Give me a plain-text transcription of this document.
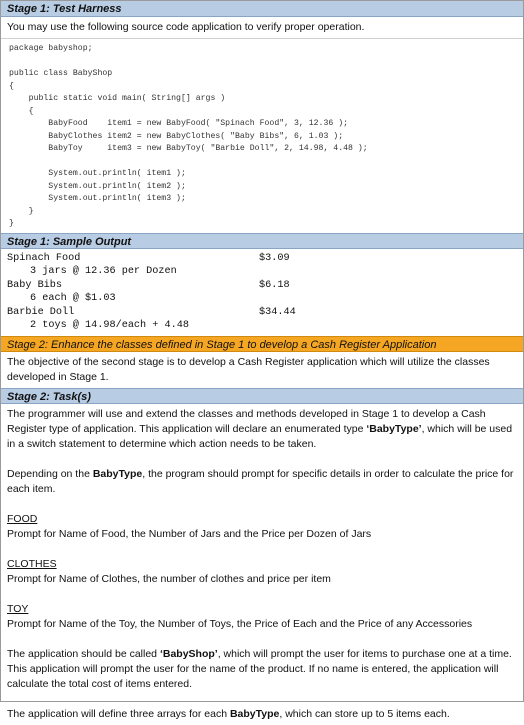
Stage 1: Test Harness

You may use the following source code application to verify proper operation.

package babyshop;

public class BabyShop
{
public static void main( String[] args )
{
BabyFood    item1 = new BabyFood( "Spinach Food", 3, 12.36 );
BabyClothes item2 = new BabyClothes( "Baby Bibs", 6, 1.03 );
BabyToy     item3 = new BabyToy( "Barbie Doll", 2, 14.98, 4.48 );

System.out.println( item1 );
System.out.println( item2 );
System.out.println( item3 );
}
}
Stage 1: Sample Output
Spinach Food	$3.09
3 jars @ 12.36 per Dozen
Baby Bibs	$6.18
6 each @ $1.03
Barbie Doll	$34.44
2 toys @ 14.98/each + 4.48
Stage 2: Enhance the classes defined in Stage 1 to develop a Cash Register Application

The objective of the second stage is to develop a Cash Register application which will utilize the classes developed in Stage 1.

Stage 2: Task(s)

The programmer will use and extend the classes and methods developed in Stage 1 to develop a Cash Register type of application. This application will declare an enumerated type ‘BabyType’, which will be used in a switch statement to determine which action needs to be taken.

Depending on the BabyType, the program should prompt for specific details in order to calculate the price for each item.

FOOD

Prompt for Name of Food, the Number of Jars and the Price per Dozen of Jars

CLOTHES

Prompt for Name of Clothes, the number of clothes and price per item

TOY

Prompt for Name of the Toy, the Number of Toys, the Price of Each and the Price of any Accessories

The application should be called ‘BabyShop’, which will prompt the user for items to purchase one at a time. This application will prompt the user for the name of the product. If no name is entered, the application will calculate the total cost of items entered.

The application will define three arrays for each BabyType, which can store up to 5 items each.
